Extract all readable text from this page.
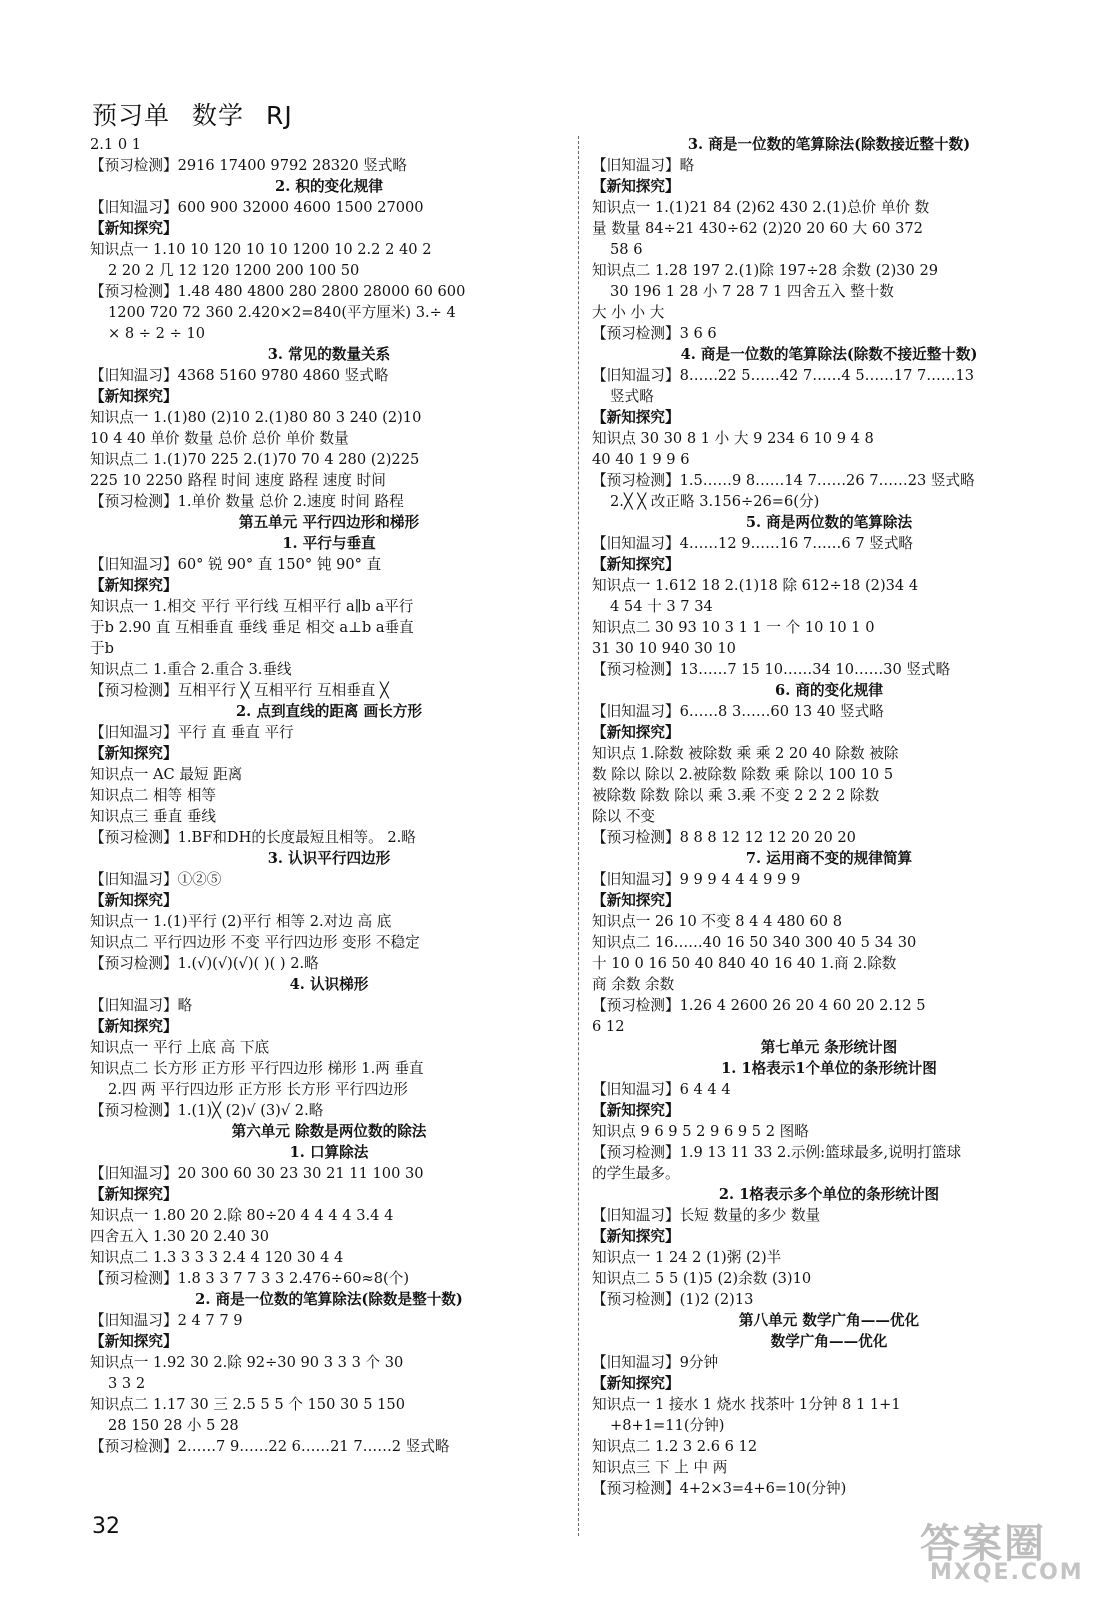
预习单 数学 RJ
2.1 0 1
【预习检测】2916 17400 9792 28320 竖式略
2. 积的变化规律
【旧知温习】600 900 32000 4600 1500 27000
【新知探究】
知识点一 1.10 10 120 10 10 1200 10 2.2 2 40 2
2 20 2 几 12 120 1200 200 100 50
【预习检测】1.48 480 4800 280 2800 28000 60 600
1200 720 72 360 2.420×2=840(平方厘米) 3.÷ 4
× 8 ÷ 2 ÷ 10
3. 常见的数量关系
【旧知温习】4368 5160 9780 4860 竖式略
【新知探究】
知识点一 1.(1)80 (2)10 2.(1)80 80 3 240 (2)10
10 4 40 单价 数量 总价 总价 单价 数量
知识点二 1.(1)70 225 2.(1)70 70 4 280 (2)225
225 10 2250 路程 时间 速度 路程 速度 时间
【预习检测】1.单价 数量 总价 2.速度 时间 路程
第五单元 平行四边形和梯形
1. 平行与垂直
【旧知温习】60° 锐 90° 直 150° 钝 90° 直
【新知探究】
知识点一 1.相交 平行 平行线 互相平行 a∥b a平行
于b 2.90 直 互相垂直 垂线 垂足 相交 a⊥b a垂直
于b
知识点二 1.重合 2.重合 3.垂线
【预习检测】互相平行 ╳ 互相平行 互相垂直 ╳
2. 点到直线的距离 画长方形
【旧知温习】平行 直 垂直 平行
【新知探究】
知识点一 AC 最短 距离
知识点二 相等 相等
知识点三 垂直 垂线
【预习检测】1.BF和DH的长度最短且相等。 2.略
3. 认识平行四边形
【旧知温习】①②⑤
【新知探究】
知识点一 1.(1)平行 (2)平行 相等 2.对边 高 底
知识点二 平行四边形 不变 平行四边形 变形 不稳定
【预习检测】1.(√)(√)(√)( )( ) 2.略
4. 认识梯形
【旧知温习】略
【新知探究】
知识点一 平行 上底 高 下底
知识点二 长方形 正方形 平行四边形 梯形 1.两 垂直
2.四 两 平行四边形 正方形 长方形 平行四边形
【预习检测】1.(1)╳ (2)√ (3)√ 2.略
第六单元 除数是两位数的除法
1. 口算除法
【旧知温习】20 300 60 30 23 30 21 11 100 30
【新知探究】
知识点一 1.80 20 2.除 80÷20 4 4 4 4 3.4 4
四舍五入 1.30 20 2.40 30
知识点二 1.3 3 3 3 2.4 4 120 30 4 4
【预习检测】1.8 3 3 7 7 3 3 2.476÷60≈8(个)
2. 商是一位数的笔算除法(除数是整十数)
【旧知温习】2 4 7 7 9
【新知探究】
知识点一 1.92 30 2.除 92÷30 90 3 3 3 个 30
3 3 2
知识点二 1.17 30 三 2.5 5 5 个 150 30 5 150
28 150 28 小 5 28
【预习检测】2……7 9……22 6……21 7……2 竖式略
3. 商是一位数的笔算除法(除数接近整十数)
【旧知温习】略
【新知探究】
知识点一 1.(1)21 84 (2)62 430 2.(1)总价 单价 数
量 数量 84÷21 430÷62 (2)20 20 60 大 60 372
58 6
知识点二 1.28 197 2.(1)除 197÷28 余数 (2)30 29
30 196 1 28 小 7 28 7 1 四舍五入 整十数
大 小 小 大
【预习检测】3 6 6
4. 商是一位数的笔算除法(除数不接近整十数)
【旧知温习】8……22 5……42 7……4 5……17 7……13
竖式略
【新知探究】
知识点 30 30 8 1 小 大 9 234 6 10 9 4 8
40 40 1 9 9 6
【预习检测】1.5……9 8……14 7……26 7……23 竖式略
2.╳ ╳ 改正略 3.156÷26=6(分)
5. 商是两位数的笔算除法
【旧知温习】4……12 9……16 7……6 7 竖式略
【新知探究】
知识点一 1.612 18 2.(1)18 除 612÷18 (2)34 4
4 54 十 3 7 34
知识点二 30 93 10 3 1 1 一 个 10 10 1 0
31 30 10 940 30 10
【预习检测】13……7 15 10……34 10……30 竖式略
6. 商的变化规律
【旧知温习】6……8 3……60 13 40 竖式略
【新知探究】
知识点 1.除数 被除数 乘 乘 2 20 40 除数 被除
数 除以 除以 2.被除数 除数 乘 除以 100 10 5
被除数 除数 除以 乘 3.乘 不变 2 2 2 2 除数
除以 不变
【预习检测】8 8 8 12 12 12 20 20 20
7. 运用商不变的规律简算
【旧知温习】9 9 9 4 4 4 9 9 9
【新知探究】
知识点一 26 10 不变 8 4 4 480 60 8
知识点二 16……40 16 50 340 300 40 5 34 30
十 10 0 16 50 40 840 40 16 40 1.商 2.除数
商 余数 余数
【预习检测】1.26 4 2600 26 20 4 60 20 2.12 5
6 12
第七单元 条形统计图
1. 1格表示1个单位的条形统计图
【旧知温习】6 4 4 4
【新知探究】
知识点 9 6 9 5 2 9 6 9 5 2 图略
【预习检测】1.9 13 11 33 2.示例:篮球最多,说明打篮球
的学生最多。
2. 1格表示多个单位的条形统计图
【旧知温习】长短 数量的多少 数量
【新知探究】
知识点一 1 24 2 (1)粥 (2)半
知识点二 5 5 (1)5 (2)余数 (3)10
【预习检测】(1)2 (2)13
第八单元 数学广角——优化
数学广角——优化
【旧知温习】9分钟
【新知探究】
知识点一 1 接水 1 烧水 找茶叶 1分钟 8 1 1+1
+8+1=11(分钟)
知识点二 1.2 3 2.6 6 12
知识点三 下 上 中 两
【预习检测】4+2×3=4+6=10(分钟)
32	答案圈
MXQE.COM
